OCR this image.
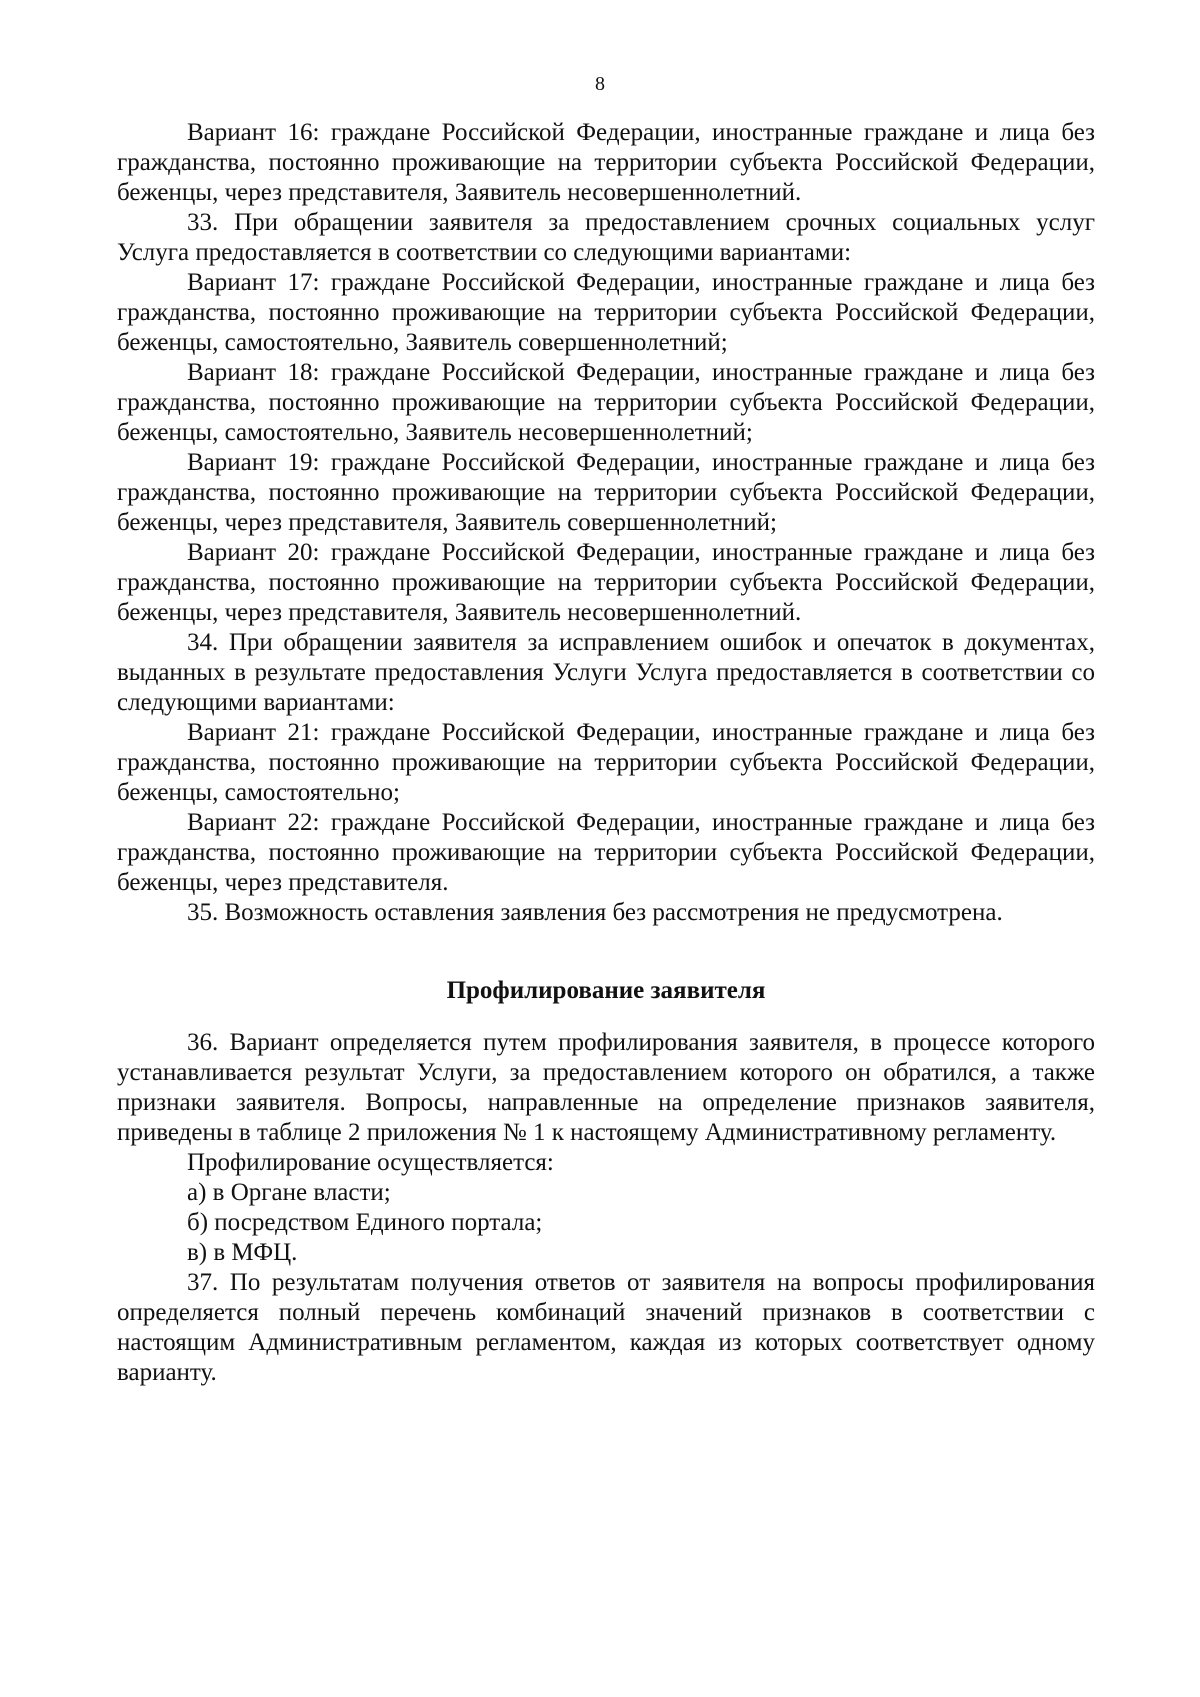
8

Вариант 16: граждане Российской Федерации, иностранные граждане и лица без гражданства, постоянно проживающие на территории субъекта Российской Федерации, беженцы, через представителя, Заявитель несовершеннолетний.

33. При обращении заявителя за предоставлением срочных социальных услуг Услуга предоставляется в соответствии со следующими вариантами:

Вариант 17: граждане Российской Федерации, иностранные граждане и лица без гражданства, постоянно проживающие на территории субъекта Российской Федерации, беженцы, самостоятельно, Заявитель совершеннолетний;

Вариант 18: граждане Российской Федерации, иностранные граждане и лица без гражданства, постоянно проживающие на территории субъекта Российской Федерации, беженцы, самостоятельно, Заявитель несовершеннолетний;

Вариант 19: граждане Российской Федерации, иностранные граждане и лица без гражданства, постоянно проживающие на территории субъекта Российской Федерации, беженцы, через представителя, Заявитель совершеннолетний;

Вариант 20: граждане Российской Федерации, иностранные граждане и лица без гражданства, постоянно проживающие на территории субъекта Российской Федерации, беженцы, через представителя, Заявитель несовершеннолетний.

34. При обращении заявителя за исправлением ошибок и опечаток в документах, выданных в результате предоставления Услуги Услуга предоставляется в соответствии со следующими вариантами:

Вариант 21: граждане Российской Федерации, иностранные граждане и лица без гражданства, постоянно проживающие на территории субъекта Российской Федерации, беженцы, самостоятельно;

Вариант 22: граждане Российской Федерации, иностранные граждане и лица без гражданства, постоянно проживающие на территории субъекта Российской Федерации, беженцы, через представителя.

35. Возможность оставления заявления без рассмотрения не предусмотрена.

Профилирование заявителя

36. Вариант определяется путем профилирования заявителя, в процессе которого устанавливается результат Услуги, за предоставлением которого он обратился, а также признаки заявителя. Вопросы, направленные на определение признаков заявителя, приведены в таблице 2 приложения № 1 к настоящему Административному регламенту.

Профилирование осуществляется:

а) в Органе власти;

б) посредством Единого портала;

в) в МФЦ.

37. По результатам получения ответов от заявителя на вопросы профилирования определяется полный перечень комбинаций значений признаков в соответствии с настоящим Административным регламентом, каждая из которых соответствует одному варианту.
